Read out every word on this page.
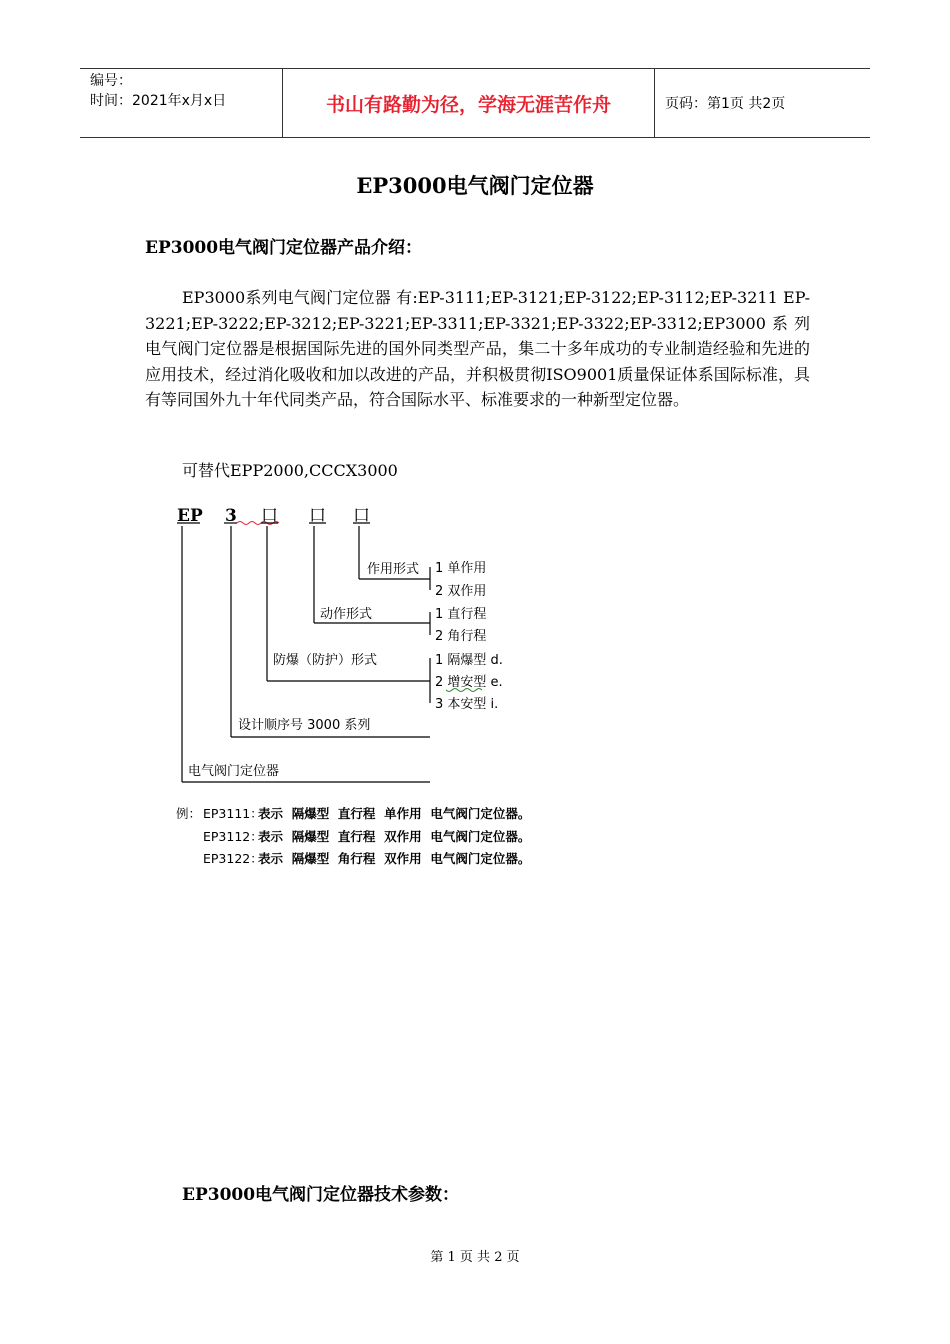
编号：
时间：2021年x月x日	书山有路勤为径，学海无涯苦作舟	页码：第1页 共2页
EP3000电气阀门定位器
EP3000电气阀门定位器产品介绍：

EP3000系列电气阀门定位器 有:EP-3111;EP-3121;EP-3122;EP-3112;EP-3211 EP-3221;EP-3222;EP-3212;EP-3221;EP-3311;EP-3321;EP-3322;EP-3312;EP3000系列电气阀门定位器是根据国际先进的国外同类型产品，集二十多年成功的专业制造经验和先进的应用技术，经过消化吸收和加以改进的产品，并积极贯彻ISO9001质量保证体系国际标准，具有等同国外九十年代同类产品，符合国际水平、标准要求的一种新型定位器。

可替代EPP2000,CCCX3000
EP 3 口 口 口
作用形式
动作形式
防爆（防护）形式
设计顺序号 3000 系列
电气阀门定位器
1 单作用
2 双作用
1 直行程
2 角行程
1 隔爆型 d.
2 增安型 e.
3 本安型 i.
例： EP3111：
表示  隔爆型  直行程  单作用  电气阀门定位器。
EP3112：
表示  隔爆型  直行程  双作用  电气阀门定位器。
EP3122：
表示  隔爆型  角行程  双作用  电气阀门定位器。
EP3000电气阀门定位器技术参数：
第 1 页 共 2 页
